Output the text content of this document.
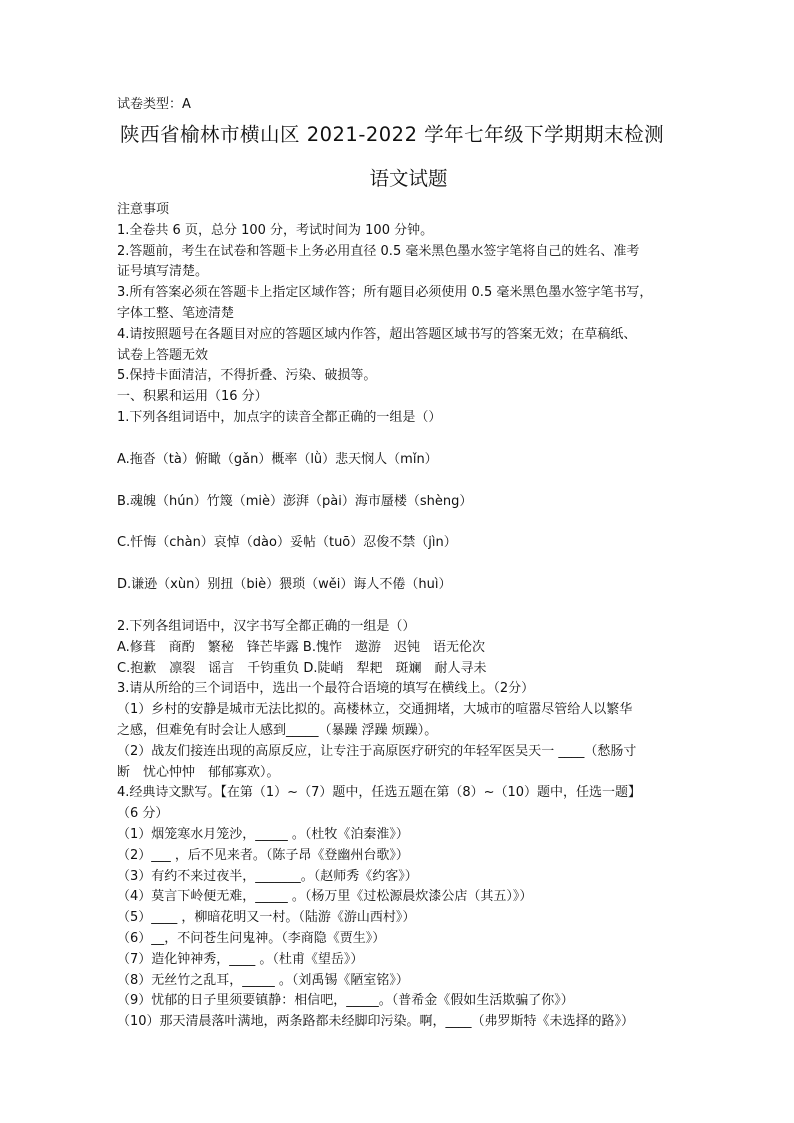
试卷类型：A
陕西省榆林市横山区 2021-2022 学年七年级下学期期末检测
语文试题
注意事项
1.全卷共 6 页，总分 100 分，考试时间为 100 分钟。
2.答题前，考生在试卷和答题卡上务必用直径 0.5 毫米黑色墨水签字笔将自己的姓名、准考
证号填写清楚。
3.所有答案必须在答题卡上指定区域作答；所有题目必须使用 0.5 毫米黑色墨水签字笔书写，
字体工整、笔迹清楚
4.请按照题号在各题目对应的答题区域内作答，超出答题区域书写的答案无效；在草稿纸、
试卷上答题无效
5.保持卡面清洁，不得折叠、污染、破损等。
一、积累和运用（16 分）
1.下列各组词语中，加点字的读音全都正确的一组是（）
A.拖沓（tà）俯瞰（gǎn）概率（lǜ）悲天悯人（mǐn）
B.魂魄（hún）竹篾（miè）澎湃（pài）海市蜃楼（shèng）
C.忏悔（chàn）哀悼（dào）妥帖（tuō）忍俊不禁（jìn）
D.谦逊（xùn）别扭（biè）猥琐（wěi）诲人不倦（huì）
2.下列各组词语中，汉字书写全都正确的一组是（）
A.修葺　商酌　繁秘　锋芒毕露 B.愧怍　遨游　迟钝　语无伦次
C.抱歉　凛裂　谣言　千钧重负 D.陡峭　犁耙　斑斓　耐人寻未
3.请从所给的三个词语中，选出一个最符合语境的填写在横线上。（2分）
（1）乡村的安静是城市无法比拟的。高楼林立，交通拥堵，大城市的喧嚣尽管给人以繁华
之感，但难免有时会让人感到_____（暴躁 浮躁 烦躁）。
（2）战友们接连出现的高原反应，让专注于高原医疗研究的年轻军医吴天一 ____（愁肠寸
断　忧心忡忡　郁郁寡欢）。
4.经典诗文默写。【在第（1）~（7）题中，任选五题在第（8）~（10）题中，任选一题】
（6 分）
（1）烟笼寒水月笼沙，_____ 。（杜牧《泊秦淮》）
（2）___ ，后不见来者。（陈子昂《登幽州台歌》）
（3）有约不来过夜半，_______。（赵师秀《约客》）
（4）莫言下岭便无难，_____ 。（杨万里《过松源晨炊漆公店（其五）》）
（5）____ ，柳暗花明又一村。（陆游《游山西村》）
（6）__，不问苍生问鬼神。（李商隐《贾生》）
（7）造化钟神秀，____ 。（杜甫《望岳》）
（8）无丝竹之乱耳，_____ 。（刘禹锡《陋室铭》）
（9）忧郁的日子里须要镇静：相信吧，_____。（普希金《假如生活欺骗了你》）
（10）那天清晨落叶满地，两条路都未经脚印污染。啊，____（弗罗斯特《未选择的路》）
